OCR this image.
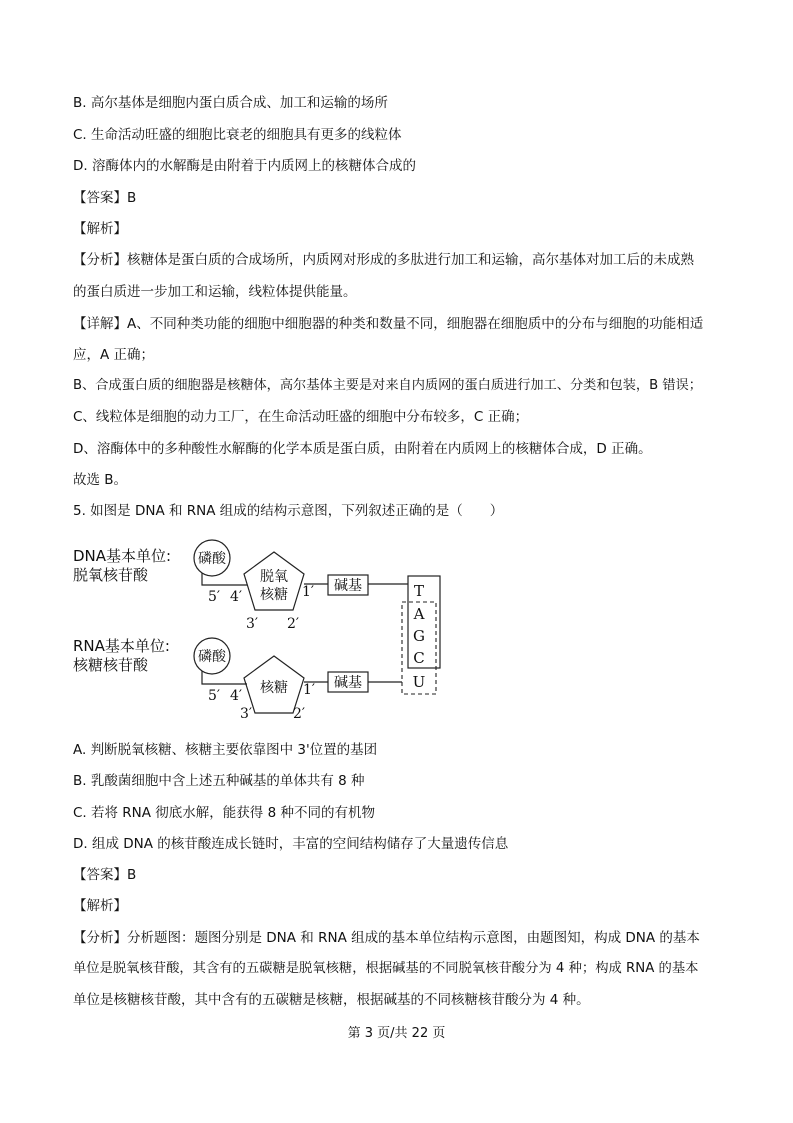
B. 高尔基体是细胞内蛋白质合成、加工和运输的场所
C. 生命活动旺盛的细胞比衰老的细胞具有更多的线粒体
D. 溶酶体内的水解酶是由附着于内质网上的核糖体合成的
【答案】B
【解析】
【分析】核糖体是蛋白质的合成场所，内质网对形成的多肽进行加工和运输，高尔基体对加工后的未成熟
的蛋白质进一步加工和运输，线粒体提供能量。
【详解】A、不同种类功能的细胞中细胞器的种类和数量不同，细胞器在细胞质中的分布与细胞的功能相适
应，A 正确；
B、合成蛋白质的细胞器是核糖体，高尔基体主要是对来自内质网的蛋白质进行加工、分类和包装，B 错误；
C、线粒体是细胞的动力工厂，在生命活动旺盛的细胞中分布较多，C 正确；
D、溶酶体中的多种酸性水解酶的化学本质是蛋白质，由附着在内质网上的核糖体合成，D 正确。
故选 B。
5. 如图是 DNA 和 RNA 组成的结构示意图，下列叙述正确的是（　　）
DNA基本单位:
脱氧核苷酸
磷酸
脱氧
核糖
5′ 4′	1′
3′ 2′
碱基	T
A
G
C
U
RNA基本单位:
核糖核苷酸	磷酸
核糖
5′ 4′	1′
3′	2′
碱基
A. 判断脱氧核糖、核糖主要依靠图中 3'位置的基团
B. 乳酸菌细胞中含上述五种碱基的单体共有 8 种
C. 若将 RNA 彻底水解，能获得 8 种不同的有机物
D. 组成 DNA 的核苷酸连成长链时，丰富的空间结构储存了大量遗传信息
【答案】B
【解析】
【分析】分析题图：题图分别是 DNA 和 RNA 组成的基本单位结构示意图，由题图知，构成 DNA 的基本
单位是脱氧核苷酸，其含有的五碳糖是脱氧核糖，根据碱基的不同脱氧核苷酸分为 4 种；构成 RNA 的基本
单位是核糖核苷酸，其中含有的五碳糖是核糖，根据碱基的不同核糖核苷酸分为 4 种。
第 3 页/共 22 页
